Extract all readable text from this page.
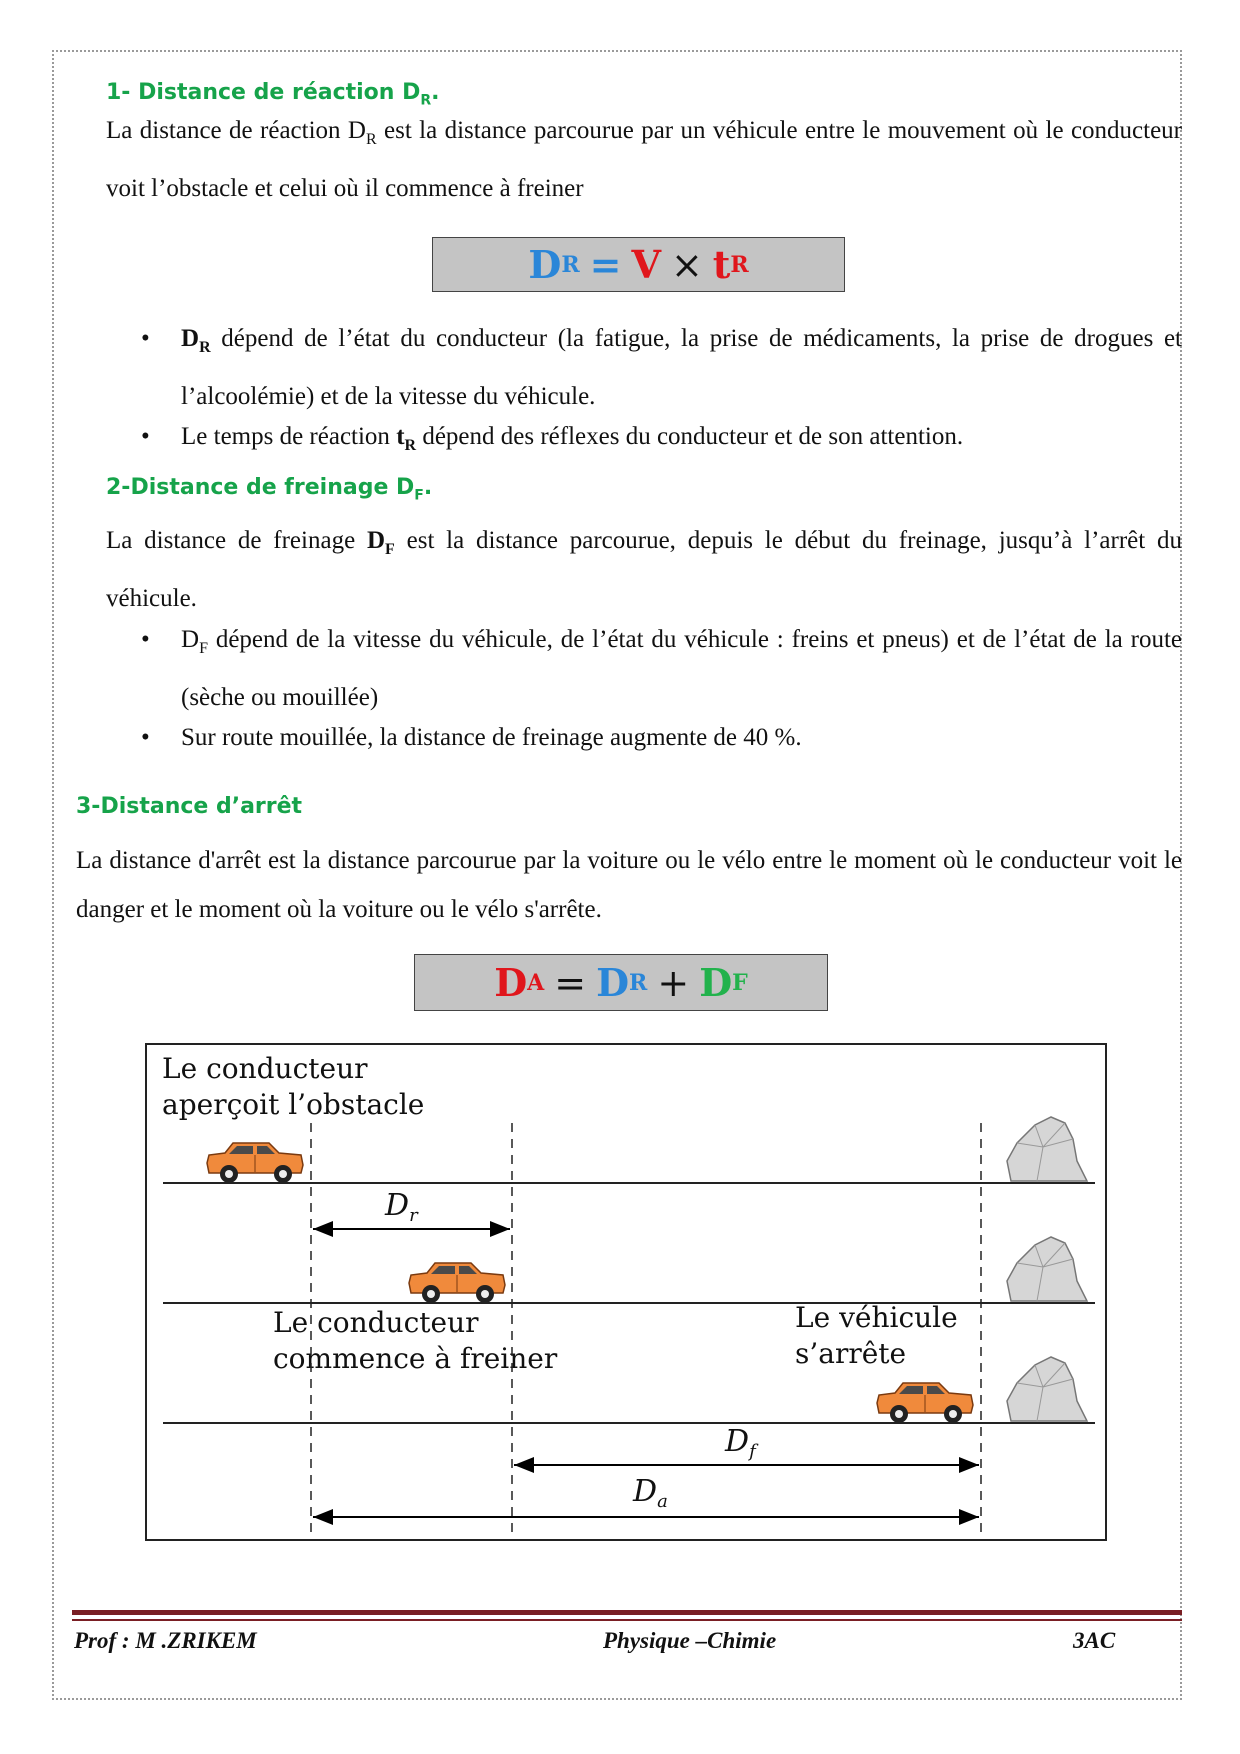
1- Distance de réaction $D_R$.

La distance de réaction $D_R$ est la distance parcourue par un véhicule entre le mouvement où le conducteur voit l’obstacle et celui où il commence à freiner

D R = V × t R

• $D_R$ dépend de l’état du conducteur (la fatigue, la prise de médicaments, la prise de drogues et l’alcoolémie) et de la vitesse du véhicule.

• Le temps de réaction $t_R$ dépend des réflexes du conducteur et de son attention.

2-Distance de freinage $D_F$.

La distance de freinage $D_F$ est la distance parcourue, depuis le début du freinage, jusqu’à l’arrêt du véhicule.

• $D_F$ dépend de la vitesse du véhicule, de l’état du véhicule : freins et pneus) et de l’état de la route (sèche ou mouillée)

• Sur route mouillée, la distance de freinage augmente de 40 %.

3-Distance d’arrêt

La distance d'arrêt est la distance parcourue par la voiture ou le vélo entre le moment où le conducteur voit le danger et le moment où la voiture ou le vélo s'arrête.

D A = D R + D F
Le conducteur
aperçoit l’obstacle
Le conducteur
commence à freiner
Le véhicule
s’arrête
$D_r$
$D_f$
$D_a$
Prof : M .ZRIKEM	Physique –Chimie	3AC
